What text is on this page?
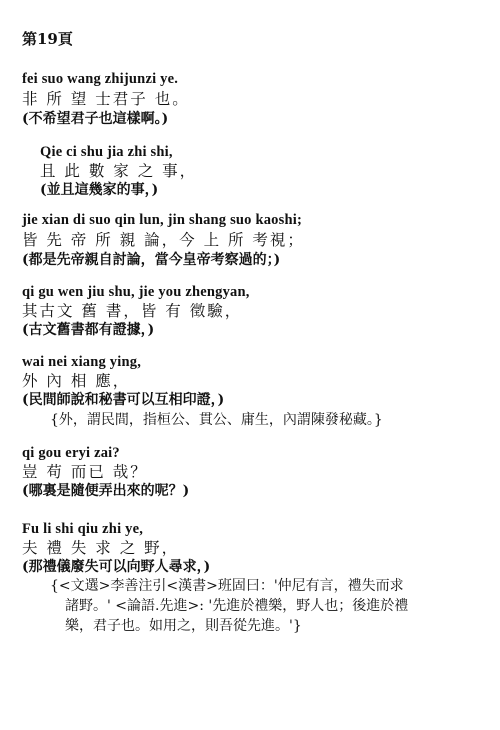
第19頁
fei suo wang zhijunzi ye.
非 所 望 士君子 也。
(不希望君子也這樣啊。)
Qie ci shu jia zhi shi,
且 此 數 家 之 事，
(並且這幾家的事，)
jie xian di suo qin lun, jin shang suo kaoshi;
皆 先 帝 所 親 論，今 上 所 考視；
(都是先帝親自討論，當今皇帝考察過的；)
qi gu wen jiu shu, jie you zhengyan,
其古文 舊 書，皆 有 徵驗，
(古文舊書都有證據，)
wai nei xiang ying,
外 內 相 應，
(民間師說和秘書可以互相印證，)
{外，謂民間，指桓公、貫公、庸生，內謂陳發秘藏。}
qi gou eryi zai?
豈 苟 而已 哉？
(哪裏是隨便弄出來的呢？)
Fu li shi qiu zhi ye,
夫 禮 失 求 之 野，
(那禮儀廢失可以向野人尋求，)
{<文選>李善注引<漢書>班固曰：'仲尼有言，禮失而求
諸野。' <論語.先進>: '先進於禮樂，野人也；後進於禮
樂，君子也。如用之，則吾從先進。'}
